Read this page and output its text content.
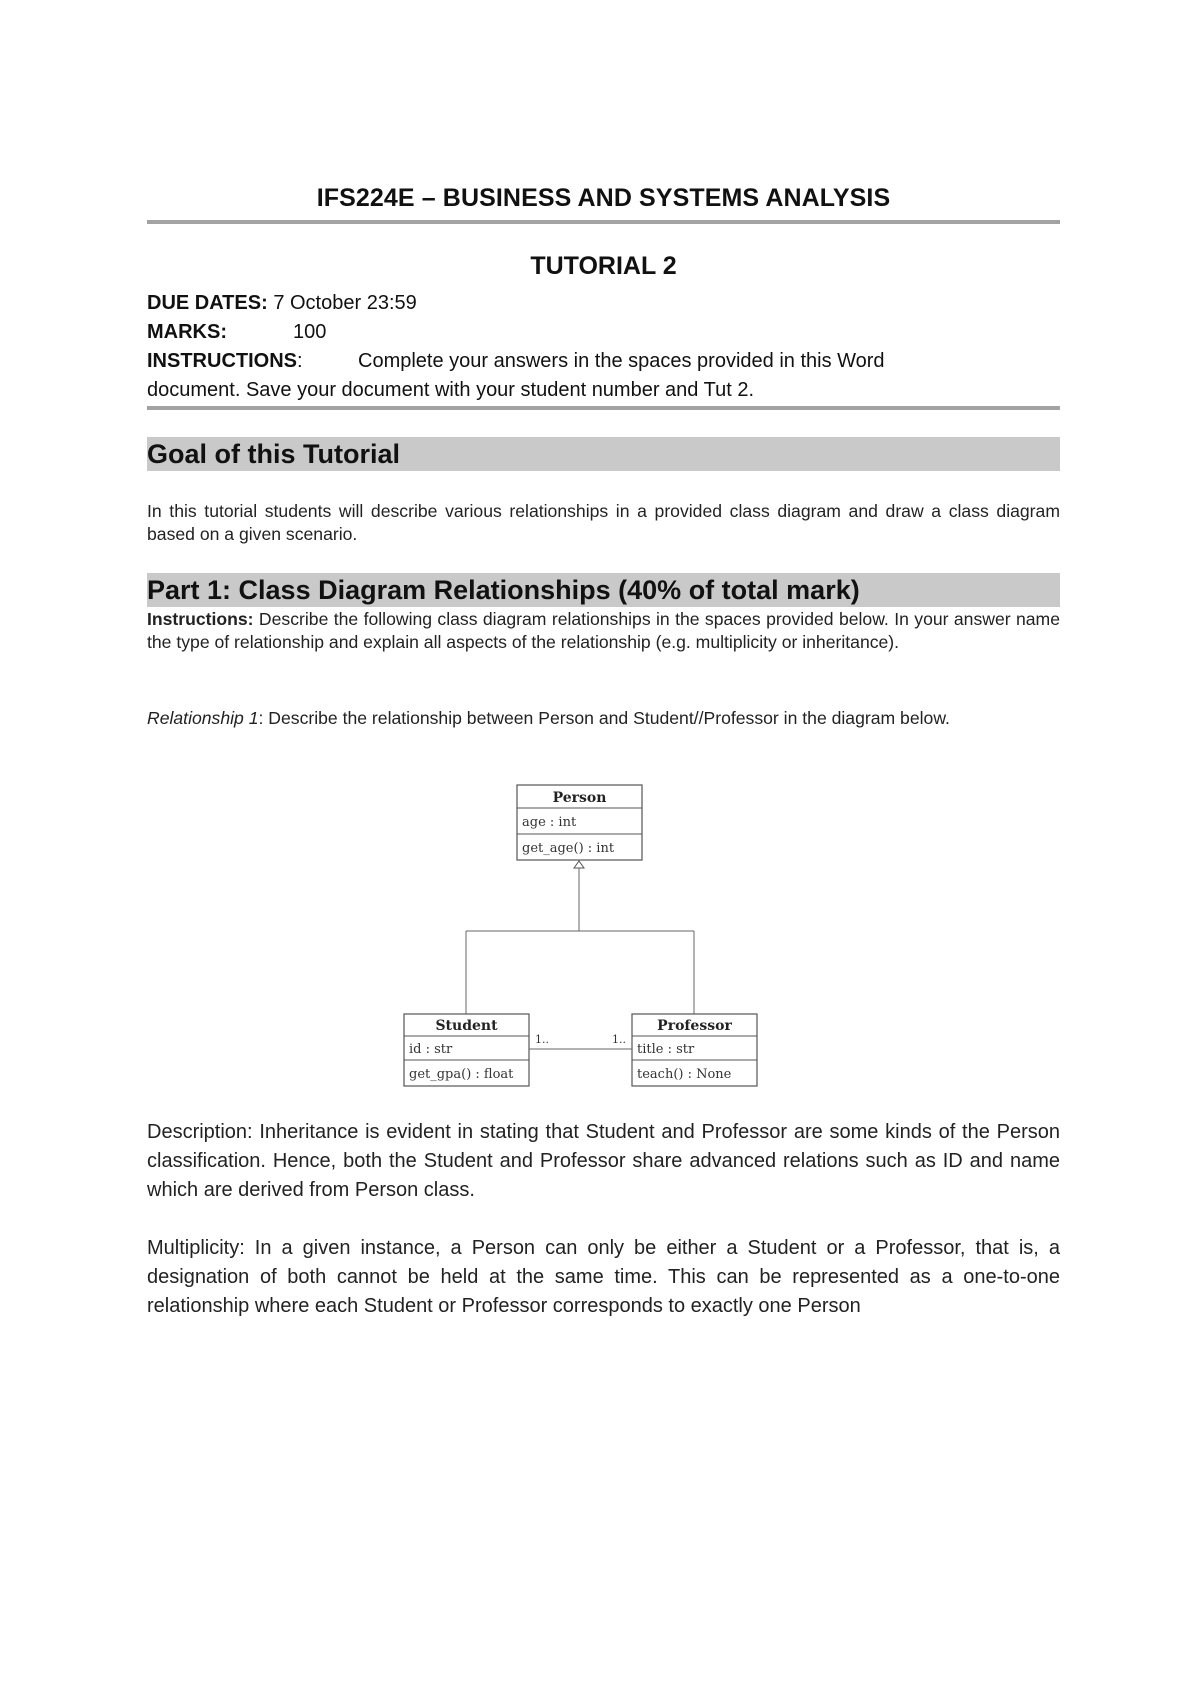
IFS224E – BUSINESS AND SYSTEMS ANALYSIS
TUTORIAL 2
DUE DATES: 7 October 23:59
MARKS:	100
INSTRUCTIONS:	Complete your answers in the spaces provided in this Word
document. Save your document with your student number and Tut 2.
Goal of this Tutorial
In this tutorial students will describe various relationships in a provided class diagram and draw a class diagram based on a given scenario.
Part 1: Class Diagram Relationships (40% of total mark)
Instructions: Describe the following class diagram relationships in the spaces provided below. In your answer name the type of relationship and explain all aspects of the relationship (e.g. multiplicity or inheritance).
Relationship 1: Describe the relationship between Person and Student//Professor in the diagram below.
Person
age : int
get_age() : int
Student
id : str
get_gpa() : float
Professor
title : str
teach() : None
1..	1..
Description: Inheritance is evident in stating that Student and Professor are some kinds of the Person classification. Hence, both the Student and Professor share advanced relations such as ID and name which are derived from Person class.
Multiplicity: In a given instance, a Person can only be either a Student or a Professor, that is, a designation of both cannot be held at the same time. This can be represented as a one-to-one relationship where each Student or Professor corresponds to exactly one Person
